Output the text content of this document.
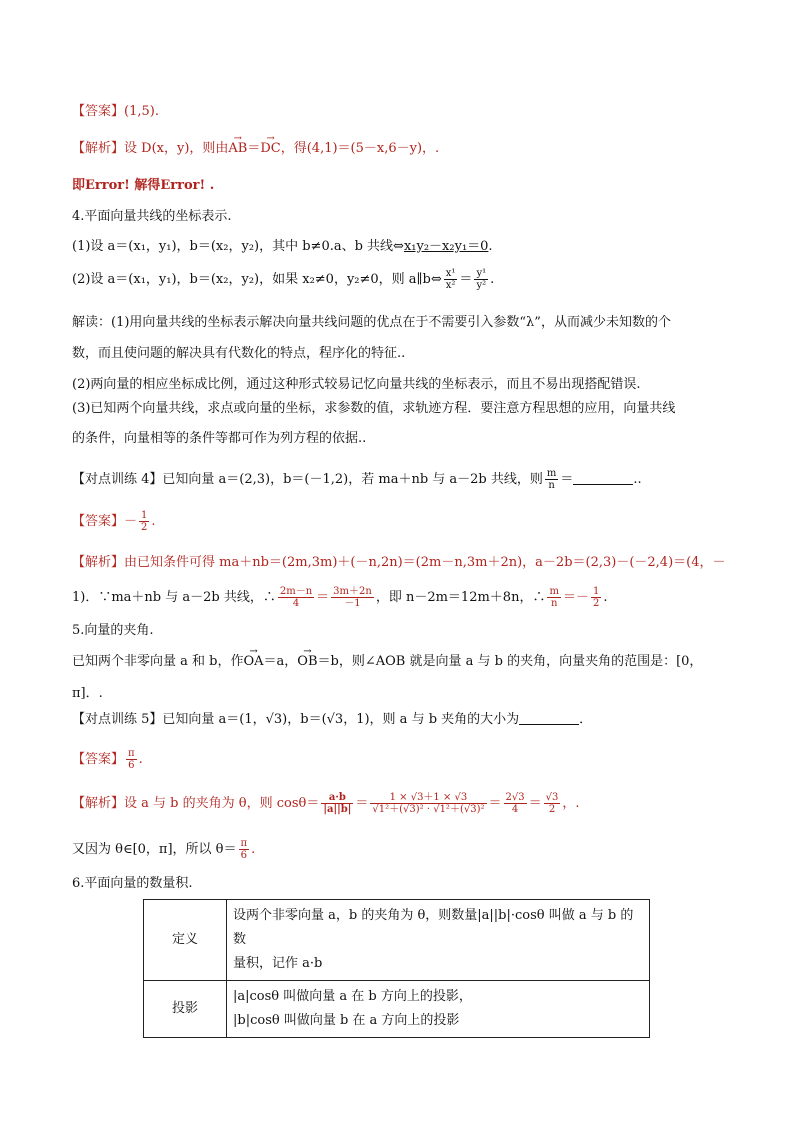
【答案】(1,5).
【解析】设 D(x，y)，则由→ AB＝→ DC，得(4,1)＝(5－x,6－y)，.
即Error! 解得Error! .
4.平面向量共线的坐标表示.
(1)设 a＝(x₁，y₁)，b＝(x₂，y₂)，其中 b≠0.a、b 共线⇔x₁y₂－x₂y₁＝0.
(2)设 a＝(x₁，y₁)，b＝(x₂，y₂)，如果 x₂≠0，y₂≠0，则 a∥b⇔ $\frac{\text{x¹}}{\text{x²}} = \frac{\text{y¹}}{\text{y²}}$ .
解读：(1)用向量共线的坐标表示解决向量共线问题的优点在于不需要引入参数“λ”，从而减少未知数的个
数，而且使问题的解决具有代数化的特点，程序化的特征..
(2)两向量的相应坐标成比例，通过这种形式较易记忆向量共线的坐标表示，而且不易出现搭配错误.
(3)已知两个向量共线，求点或向量的坐标，求参数的值，求轨迹方程．要注意方程思想的应用，向量共线
的条件，向量相等的条件等都可作为列方程的依据..
【对点训练 4】已知向量 a＝(2,3)，b＝(－1,2)，若 ma＋nb 与 a－2b 共线，则 $\frac{m}{n}$ ＝	..
【答案】－ $\frac{1}{2}$ .
【解析】由已知条件可得 ma＋nb＝(2m,3m)＋(－n,2n)＝(2m－n,3m＋2n)，a－2b＝(2,3)－(－2,4)＝(4，－
1)．∵ma＋nb 与 a－2b 共线，∴ $\frac{2m-n}{4} = \frac{3m+2n}{-1}$ ，即 n－2m＝12m＋8n，∴ $\frac{m}{n} =- \frac{1}{2}$ .
5.向量的夹角.
已知两个非零向量 a 和 b，作→ OA＝a，→ OB＝b，则∠AOB 就是向量 a 与 b 的夹角，向量夹角的范围是：[0，
π]．.
【对点训练 5】已知向量 a＝(1，√3)，b＝(√3，1)，则 a 与 b 夹角的大小为	．
【答案】 $\frac{\pi}{6}$ .
【解析】设 a 与 b 的夹角为 θ，则 $\cos\theta= \frac{a\cdot b}{|a||b|} = \frac{1 \times √3+1 \times √3}{\text{√1²＋(√3)² · √1²＋(√3)²}} = \frac{2√3}{4} = \frac{√3}{2}$ ，.
又因为 θ∈[0，π]，所以 $\theta= \frac{\pi}{6}$ .
6.平面向量的数量积.
定义	设两个非零向量 a，b 的夹角为 θ，则数量|a||b|·cosθ 叫做 a 与 b 的数
量积，记作 a·b

投影	|a|cosθ 叫做向量 a 在 b 方向上的投影，
|b|cosθ 叫做向量 b 在 a 方向上的投影
